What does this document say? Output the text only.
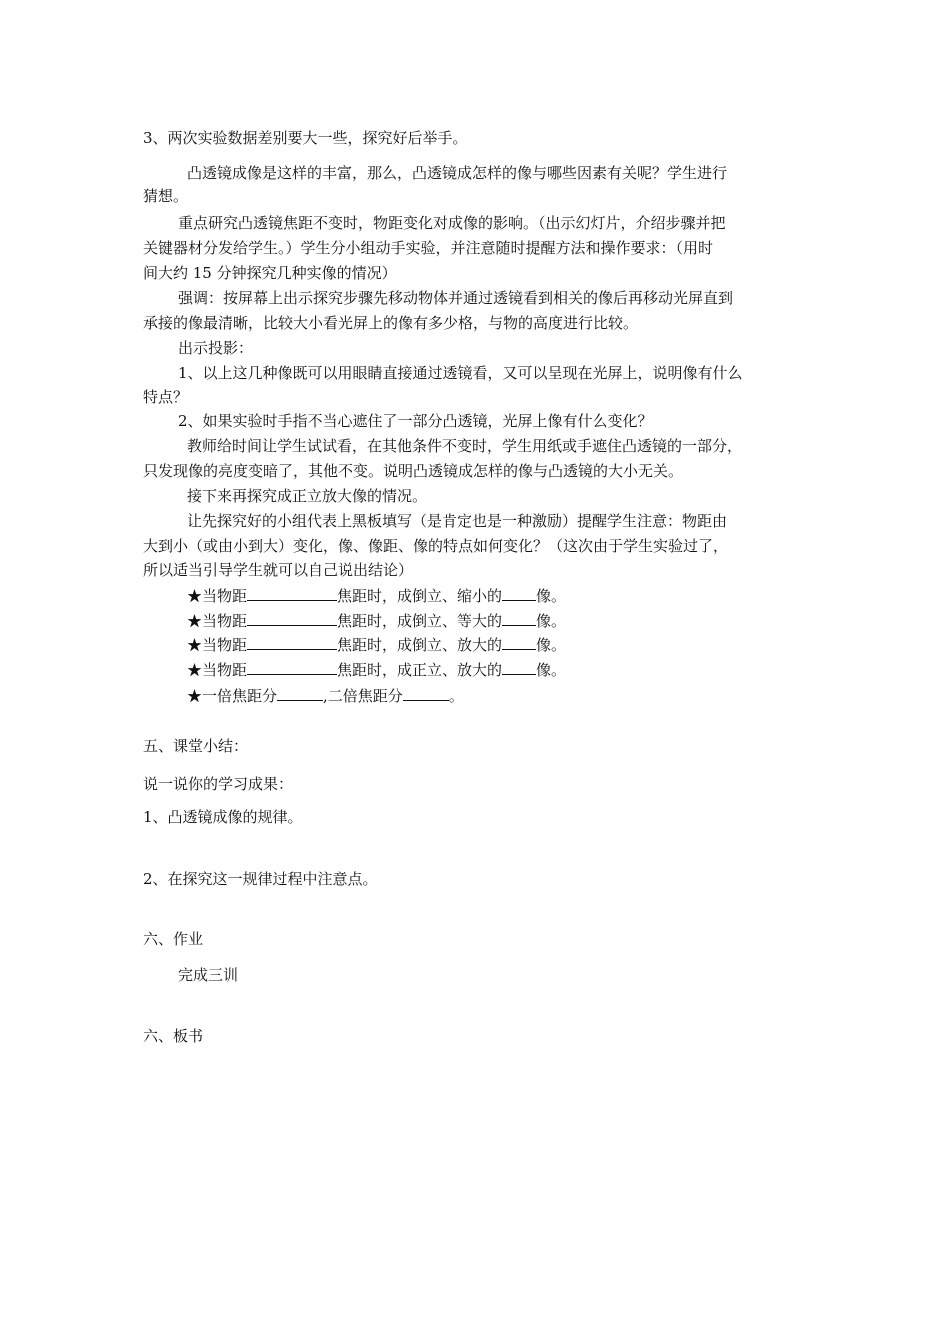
3、两次实验数据差别要大一些，探究好后举手。
凸透镜成像是这样的丰富，那么，凸透镜成怎样的像与哪些因素有关呢？学生进行
猜想。
重点研究凸透镜焦距不变时，物距变化对成像的影响。（出示幻灯片，介绍步骤并把
关键器材分发给学生。）学生分小组动手实验，并注意随时提醒方法和操作要求：（用时
间大约 15 分钟探究几种实像的情况）
强调：按屏幕上出示探究步骤先移动物体并通过透镜看到相关的像后再移动光屏直到
承接的像最清晰，比较大小看光屏上的像有多少格，与物的高度进行比较。
出示投影：
1、以上这几种像既可以用眼睛直接通过透镜看，又可以呈现在光屏上，说明像有什么
特点？
2、如果实验时手指不当心遮住了一部分凸透镜，光屏上像有什么变化？
教师给时间让学生试试看，在其他条件不变时，学生用纸或手遮住凸透镜的一部分，
只发现像的亮度变暗了，其他不变。说明凸透镜成怎样的像与凸透镜的大小无关。
接下来再探究成正立放大像的情况。
让先探究好的小组代表上黑板填写（是肯定也是一种激励）提醒学生注意：物距由
大到小（或由小到大）变化，像、像距、像的特点如何变化？（这次由于学生实验过了，
所以适当引导学生就可以自己说出结论）
★当物距	焦距时，成倒立、缩小的 像。
★当物距	焦距时，成倒立、等大的 像。
★当物距	焦距时，成倒立、放大的 像。
★当物距	焦距时，成正立、放大的 像。
★一倍焦距分	,二倍焦距分	。
五、课堂小结：
说一说你的学习成果：
1、凸透镜成像的规律。
2、在探究这一规律过程中注意点。
六、作业
完成三训
六、板书
